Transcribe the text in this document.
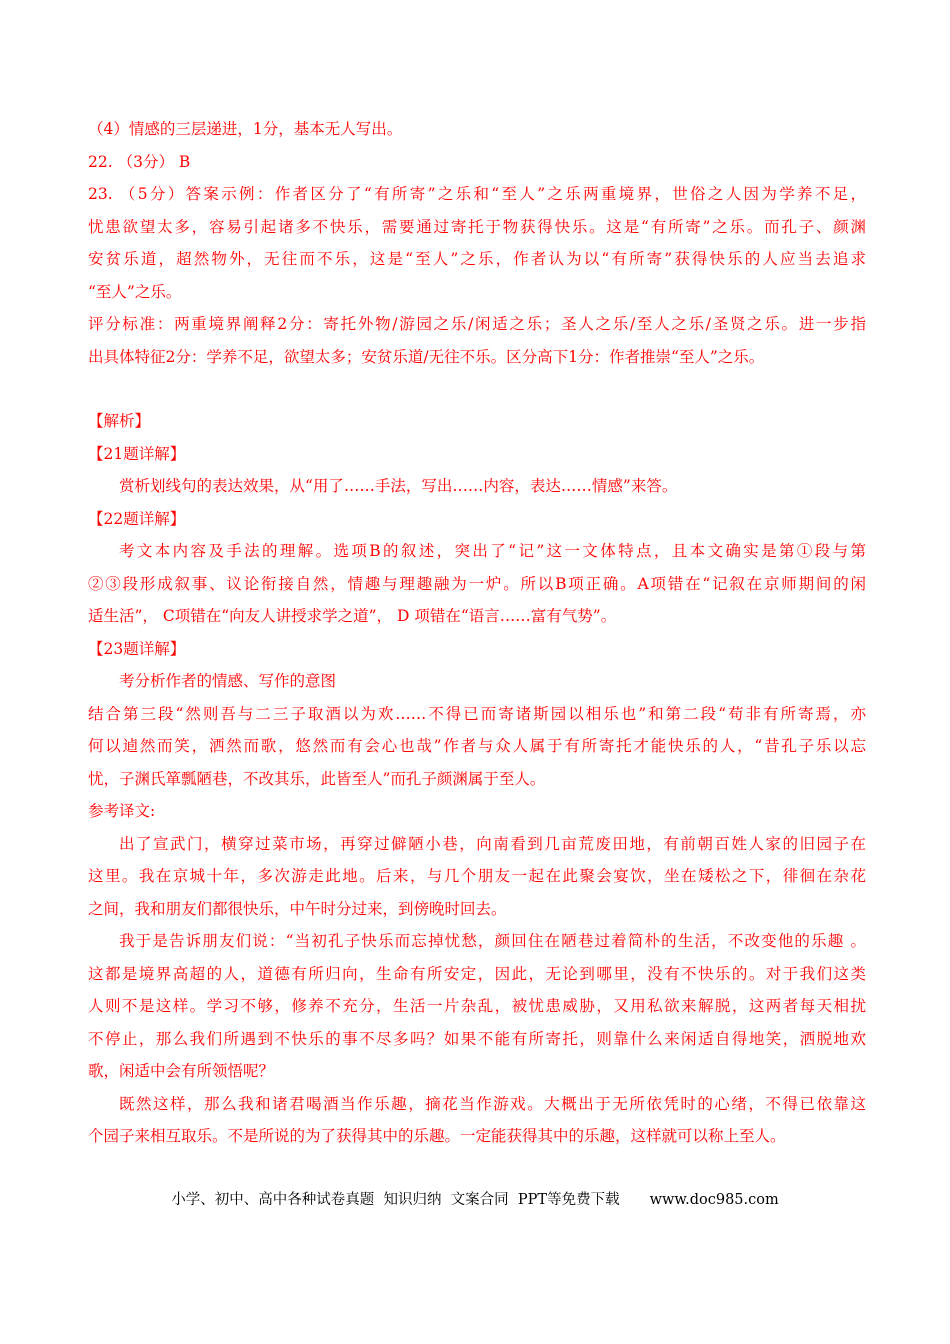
（4）情感的三层递进，1分，基本无人写出。
22. （3分） B
23. （5分）答案示例：作者区分了“有所寄”之乐和“至人”之乐两重境界，世俗之人因为学养不足，
忧患欲望太多，容易引起诸多不快乐，需要通过寄托于物获得快乐。这是“有所寄”之乐。而孔子、颜渊
安贫乐道，超然物外，无往而不乐，这是“至人”之乐，作者认为以“有所寄”获得快乐的人应当去追求
“至人”之乐。
评分标准：两重境界阐释2分：寄托外物/游园之乐/闲适之乐；圣人之乐/至人之乐/圣贤之乐。进一步指
出具体特征2分：学养不足，欲望太多；安贫乐道/无往不乐。区分高下1分：作者推崇“至人”之乐。
【解析】
【21题详解】
赏析划线句的表达效果，从“用了……手法，写出……内容，表达……情感”来答。
【22题详解】
考文本内容及手法的理解。选项B的叙述，突出了“记”这一文体特点，且本文确实是第①段与第
②③段形成叙事、议论衔接自然，情趣与理趣融为一炉。所以B项正确。A项错在“记叙在京师期间的闲
适生活”， C项错在“向友人讲授求学之道”， D 项错在“语言……富有气势”。
【23题详解】
考分析作者的情感、写作的意图
结合第三段“然则吾与二三子取酒以为欢……不得已而寄诸斯园以相乐也”和第二段“苟非有所寄焉，亦
何以逌然而笑，洒然而歌，悠然而有会心也哉”作者与众人属于有所寄托才能快乐的人，“昔孔子乐以忘
忧，子渊氏箪瓢陋巷，不改其乐，此皆至人”而孔子颜渊属于至人。
参考译文:
出了宣武门，横穿过菜市场，再穿过僻陋小巷，向南看到几亩荒废田地，有前朝百姓人家的旧园子在
这里。我在京城十年，多次游走此地。后来，与几个朋友一起在此聚会宴饮，坐在矮松之下，徘徊在杂花
之间，我和朋友们都很快乐，中午时分过来，到傍晚时回去。
我于是告诉朋友们说：“当初孔子快乐而忘掉忧愁，颜回住在陋巷过着简朴的生活，不改变他的乐趣 。
这都是境界高超的人，道德有所归向，生命有所安定，因此，无论到哪里，没有不快乐的。对于我们这类
人则不是这样。学习不够，修养不充分，生活一片杂乱，被忧患威胁，又用私欲来解脱，这两者每天相扰
不停止，那么我们所遇到不快乐的事不尽多吗？如果不能有所寄托，则靠什么来闲适自得地笑，洒脱地欢
歌，闲适中会有所领悟呢？
既然这样，那么我和诸君喝酒当作乐趣，摘花当作游戏。大概出于无所依凭时的心绪，不得已依靠这
个园子来相互取乐。不是所说的为了获得其中的乐趣。一定能获得其中的乐趣，这样就可以称上至人。
小学、初中、高中各种试卷真题  知识归纳  文案合同  PPT等免费下载 www.doc985.com
